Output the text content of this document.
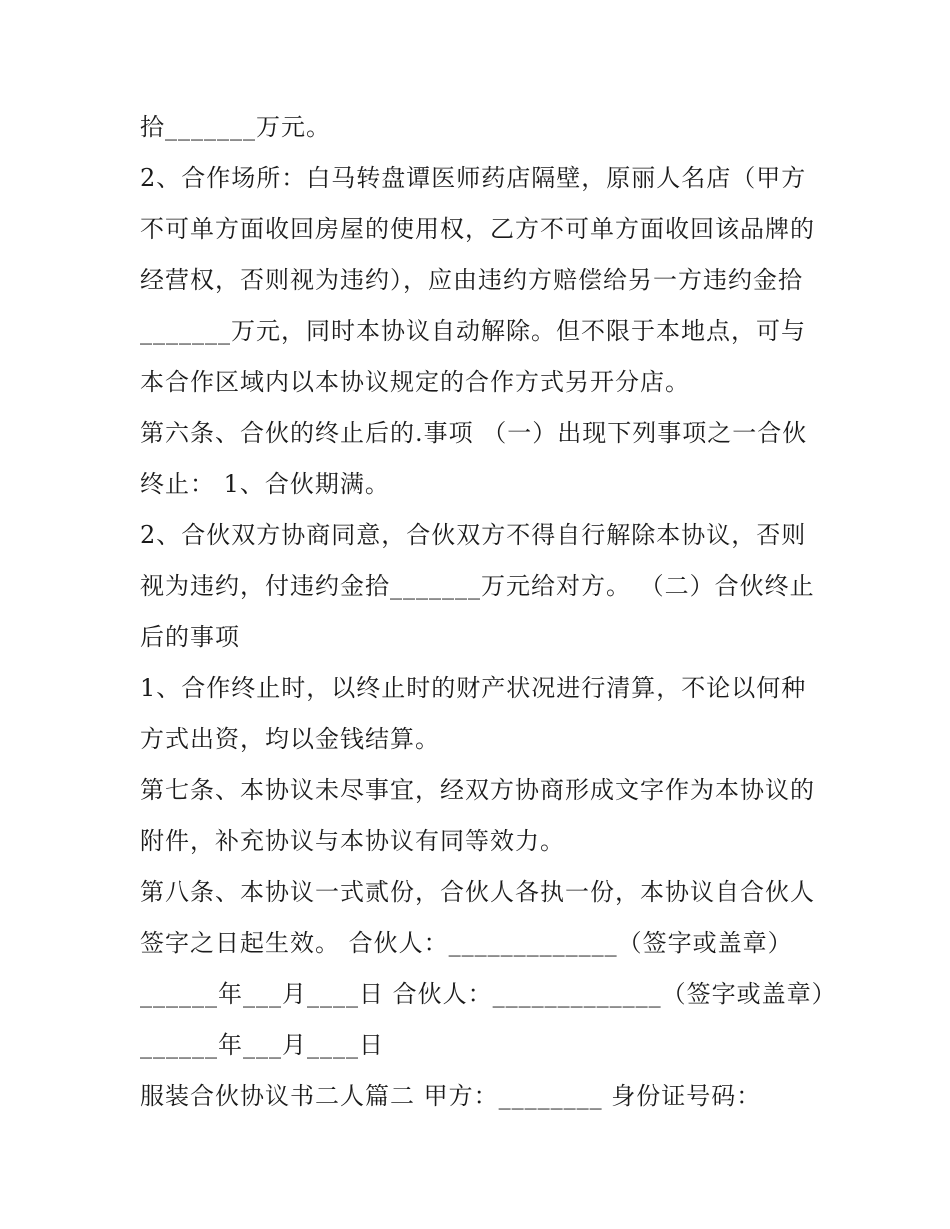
拾_______万元。
2、合作场所：白马转盘谭医师药店隔壁，原丽人名店（甲方
不可单方面收回房屋的使用权，乙方不可单方面收回该品牌的
经营权，否则视为违约），应由违约方赔偿给另一方违约金拾
_______万元，同时本协议自动解除。但不限于本地点，可与
本合作区域内以本协议规定的合作方式另开分店。
第六条、合伙的终止后的.事项 （一）出现下列事项之一合伙
终止： 1、合伙期满。
2、合伙双方协商同意，合伙双方不得自行解除本协议，否则
视为违约，付违约金拾_______万元给对方。 （二）合伙终止
后的事项
1、合作终止时，以终止时的财产状况进行清算，不论以何种
方式出资，均以金钱结算。
第七条、本协议未尽事宜，经双方协商形成文字作为本协议的
附件，补充协议与本协议有同等效力。
第八条、本协议一式贰份，合伙人各执一份，本协议自合伙人
签字之日起生效。 合伙人：_____________（签字或盖章）
______年___月____日 合伙人：_____________（签字或盖章）
______年___月____日
服装合伙协议书二人篇二 甲方：________ 身份证号码：
